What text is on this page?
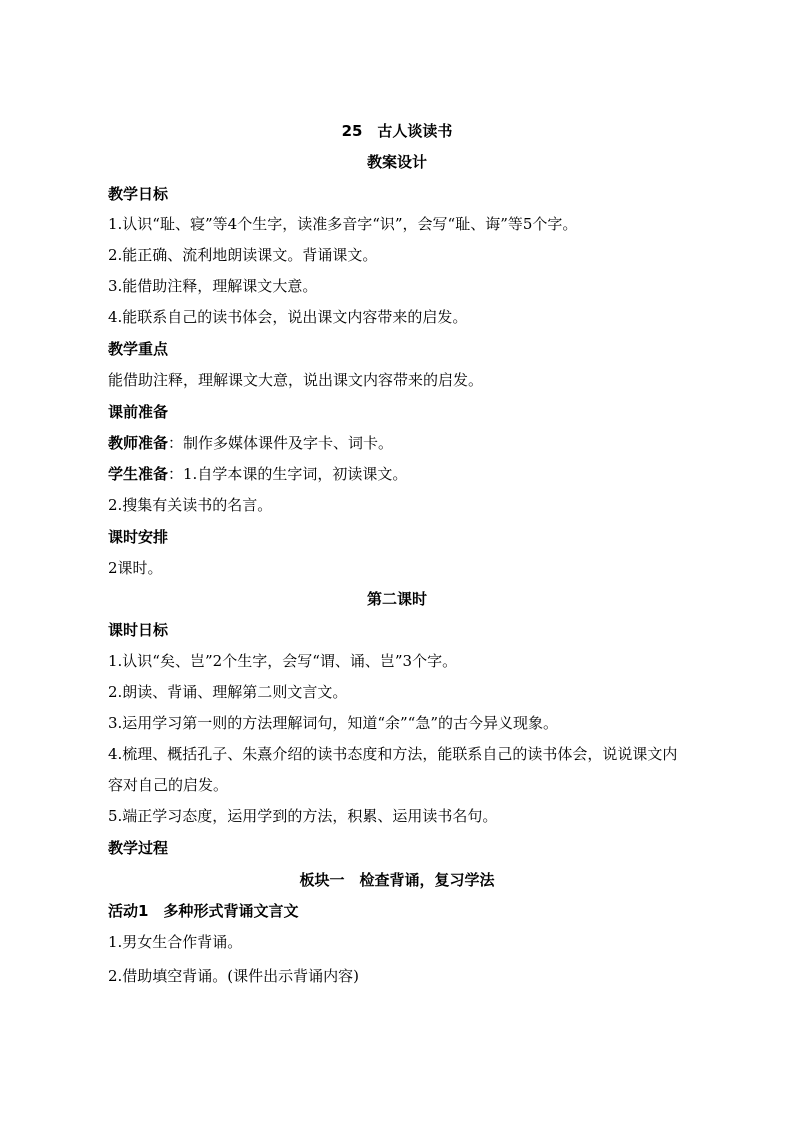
25　古人谈读书
教案设计
教学日标
1.认识“耻、寝”等4个生字，读准多音字“识”，会写“耻、诲”等5个字。
2.能正确、流利地朗读课文。背诵课文。
3.能借助注释，理解课文大意。
4.能联系自己的读书体会，说出课文内容带来的启发。
教学重点
能借助注释，理解课文大意，说出课文内容带来的启发。
课前准备
教师准备：制作多媒体课件及字卡、词卡。
学生准备：1.自学本课的生字词，初读课文。
2.搜集有关读书的名言。
课时安排
2课时。
第二课时
课时日标
1.认识“矣、岂”2个生字，会写“谓、诵、岂”3个字。
2.朗读、背诵、理解第二则文言文。
3.运用学习第一则的方法理解词句，知道“余”“急”的古今异义现象。
4.梳理、概括孔子、朱熹介绍的读书态度和方法，能联系自己的读书体会，说说课文内
容对自己的启发。
5.端正学习态度，运用学到的方法，积累、运用读书名句。
教学过程
板块一　检查背诵，复习学法
活动1　多种形式背诵文言文
1.男女生合作背诵。
2.借助填空背诵。(课件出示背诵内容)
